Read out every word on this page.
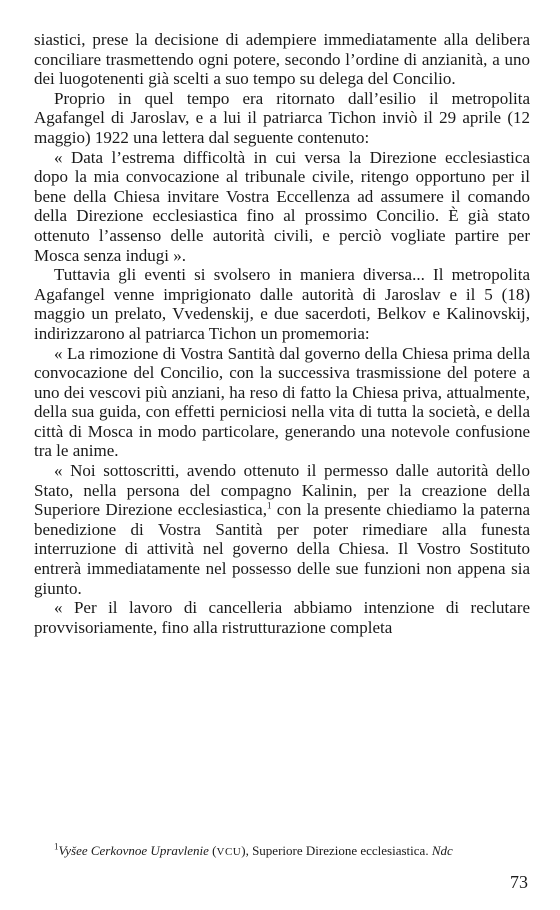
siastici, prese la decisione di adempiere immediatamente alla delibera conciliare trasmettendo ogni potere, secondo l’ordine di anzianità, a uno dei luogotenenti già scelti a suo tempo su delega del Concilio.

Proprio in quel tempo era ritornato dall’esilio il metropolita Agafangel di Jaroslav, e a lui il patriarca Tichon inviò il 29 aprile (12 maggio) 1922 una lettera dal seguente contenuto:

« Data l’estrema difficoltà in cui versa la Direzione ecclesiastica dopo la mia convocazione al tribunale civile, ritengo opportuno per il bene della Chiesa invitare Vostra Eccellenza ad assumere il comando della Direzione ecclesiastica fino al prossimo Concilio. È già stato ottenuto l’assenso delle autorità civili, e perciò vogliate partire per Mosca senza indugi ».

Tuttavia gli eventi si svolsero in maniera diversa... Il metropolita Agafangel venne imprigionato dalle autorità di Jaroslav e il 5 (18) maggio un prelato, Vvedenskij, e due sacerdoti, Belkov e Kalinovskij, indirizzarono al patriarca Tichon un promemoria:

« La rimozione di Vostra Santità dal governo della Chiesa prima della convocazione del Concilio, con la successiva trasmissione del potere a uno dei vescovi più anziani, ha reso di fatto la Chiesa priva, attualmente, della sua guida, con effetti perniciosi nella vita di tutta la società, e della città di Mosca in modo particolare, generando una notevole confusione tra le anime.

« Noi sottoscritti, avendo ottenuto il permesso dalle autorità dello Stato, nella persona del compagno Kalinin, per la creazione della Superiore Direzione ecclesiastica,$^1$ con la presente chiediamo la paterna benedizione di Vostra Santità per poter rimediare alla funesta interruzione di attività nel governo della Chiesa. Il Vostro Sostituto entrerà immediatamente nel possesso delle sue funzioni non appena sia giunto.

« Per il lavoro di cancelleria abbiamo intenzione di reclutare provvisoriamente, fino alla ristrutturazione completa

$^1$Vyšee Cerkovnoe Upravlenie (VCU), Superiore Direzione ecclesiastica. Ndc

73
